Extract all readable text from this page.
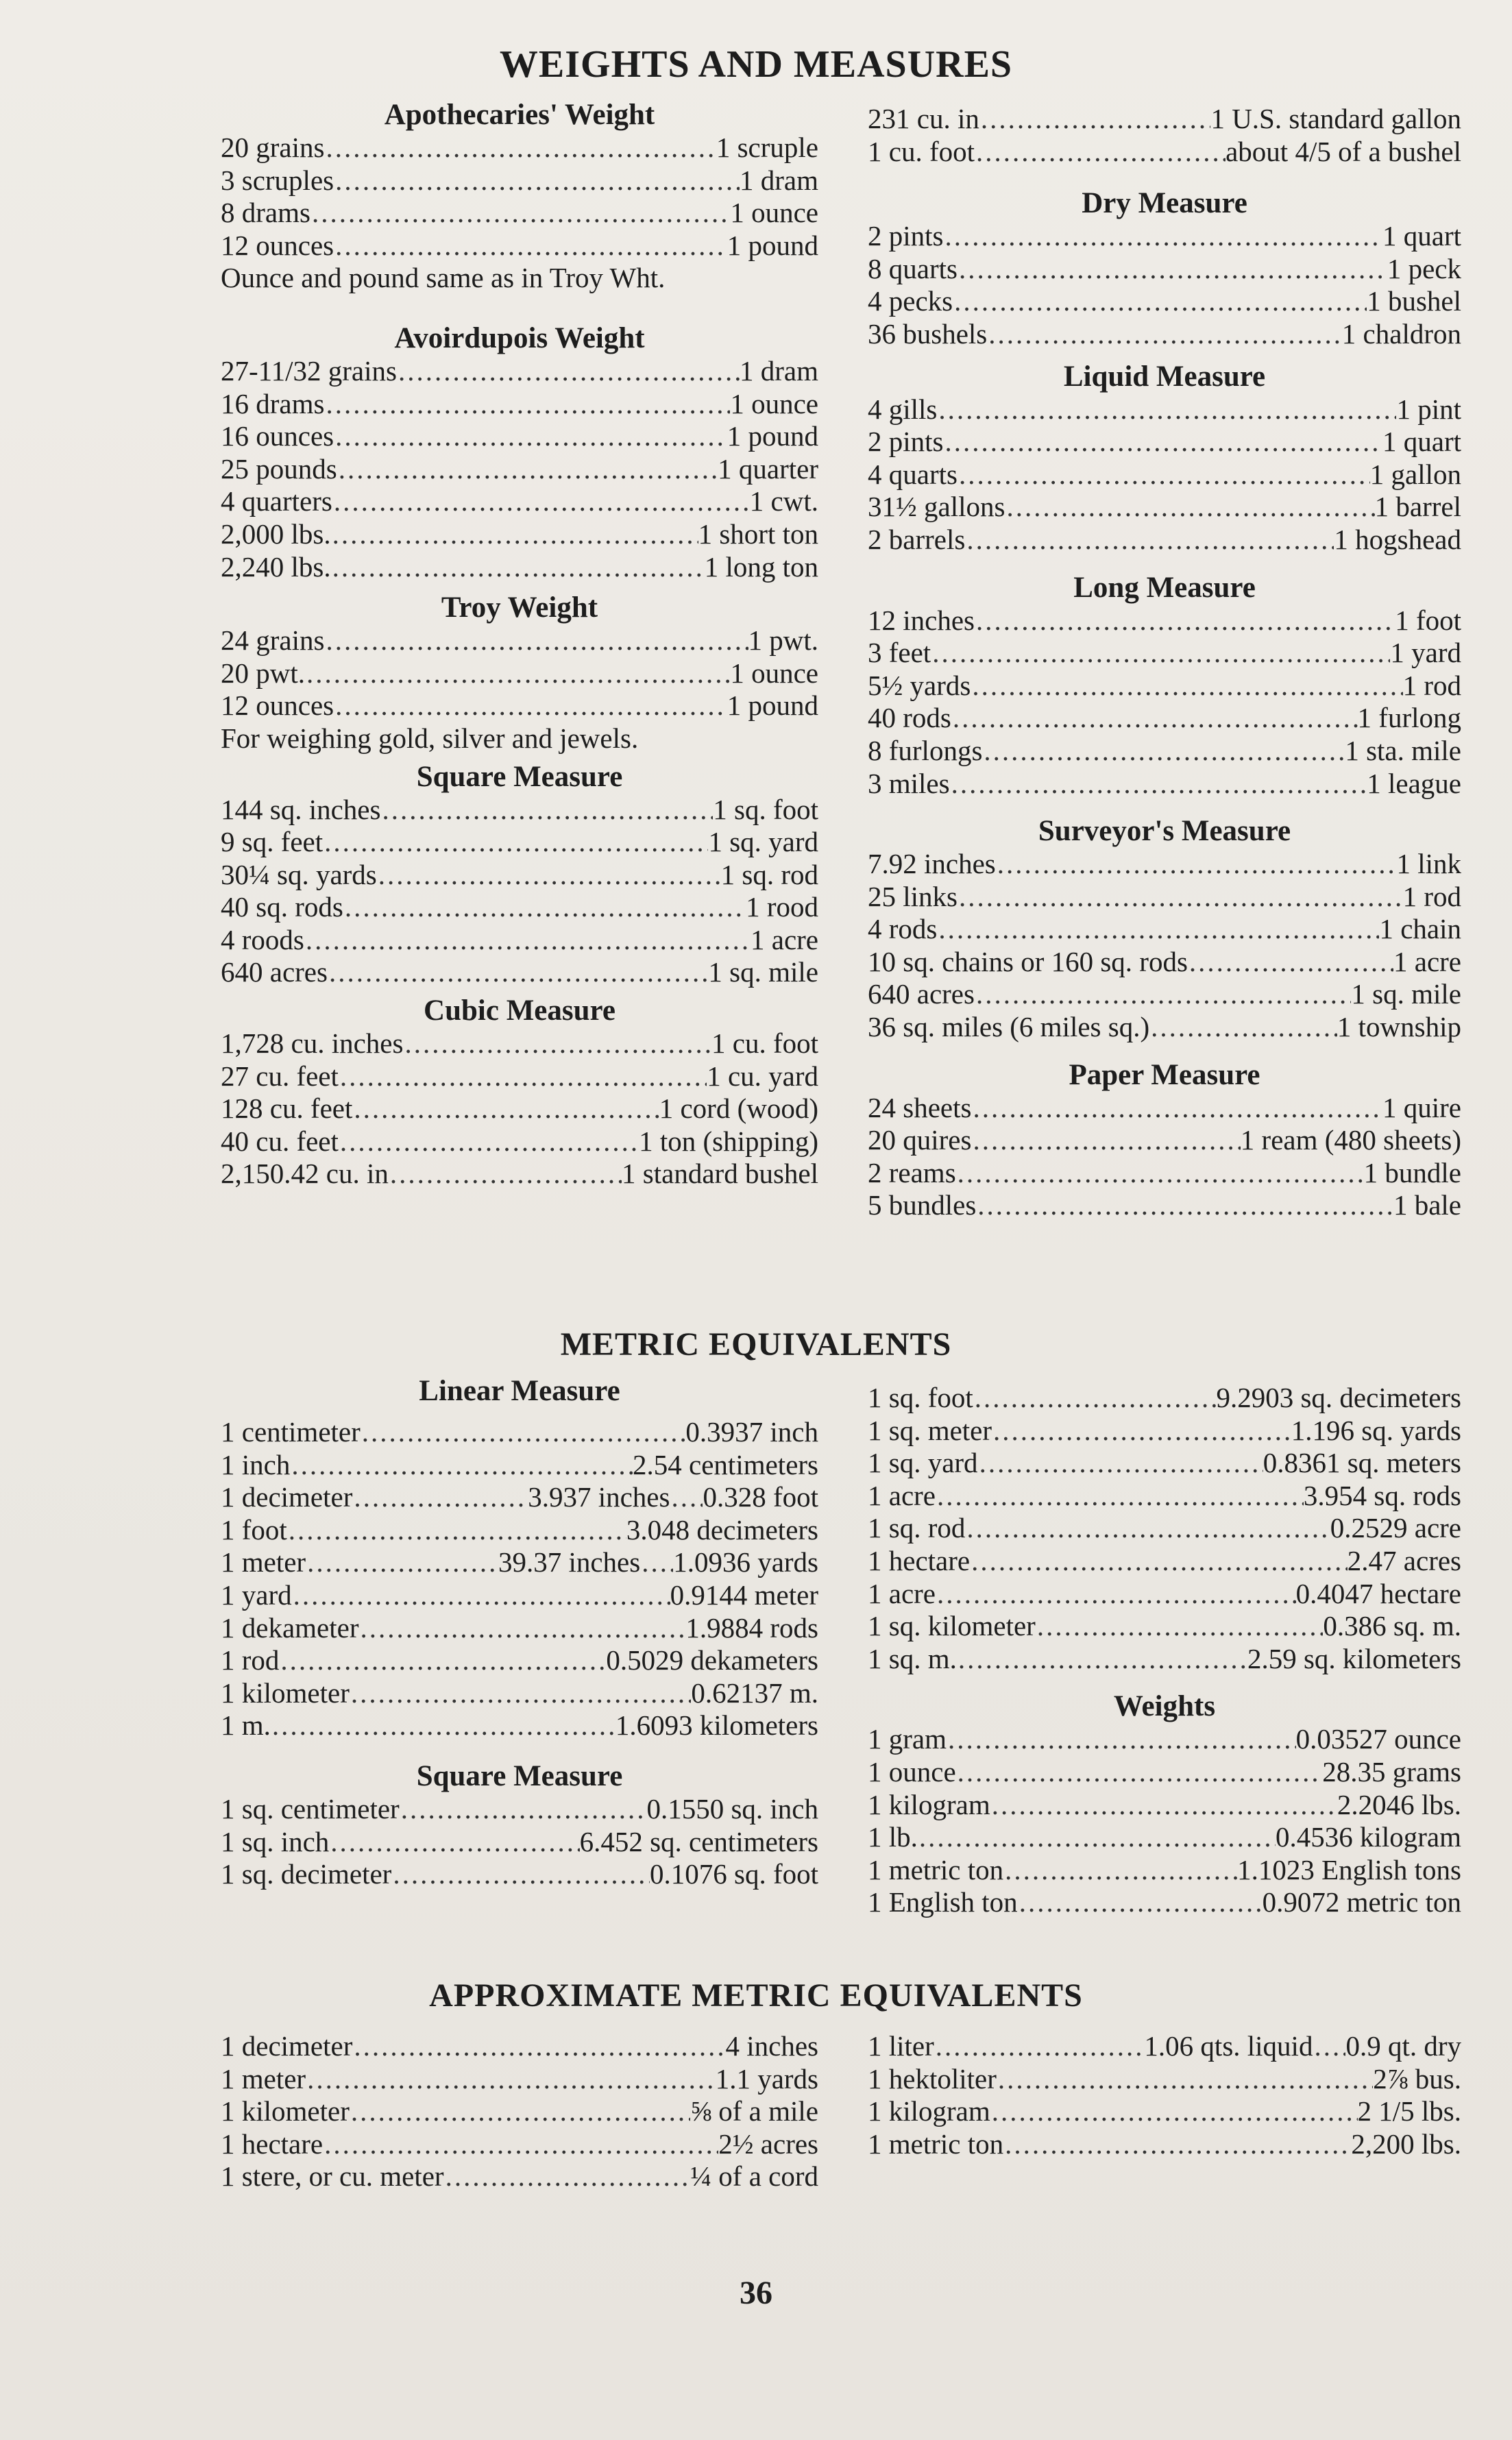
WEIGHTS AND MEASURES
Apothecaries' Weight
20 grains .....	1 scruple
3 scruples .....	1 dram
8 drams .....	1 ounce
12 ounces .....	1 pound
Ounce and pound same as in Troy Wht.
Avoirdupois Weight
27-11/32 grains .....	1 dram
16 drams .....	1 ounce
16 ounces .....	1 pound
25 pounds .....	1 quarter
4 quarters .....	1 cwt.
2,000 lbs. .....	1 short ton
2,240 lbs. .....	1 long ton
Troy Weight
24 grains .....	1 pwt.
20 pwt. .....	1 ounce
12 ounces .....	1 pound
For weighing gold, silver and jewels.
Square Measure
144 sq. inches .....	1 sq. foot
9 sq. feet .....	1 sq. yard
30¼ sq. yards .....	1 sq. rod
40 sq. rods .....	1 rood
4 roods .....	1 acre
640 acres .....	1 sq. mile
Cubic Measure
1,728 cu. inches .....	1 cu. foot
27 cu. feet .....	1 cu. yard
128 cu. feet .....	1 cord (wood)
40 cu. feet .....	1 ton (shipping)
2,150.42 cu. in .....	1 standard bushel
231 cu. in .....	1 U.S. standard gallon
1 cu. foot .....	about 4/5 of a bushel
Dry Measure
2 pints .....	1 quart
8 quarts .....	1 peck
4 pecks .....	1 bushel
36 bushels .....	1 chaldron
Liquid Measure
4 gills .....	1 pint
2 pints .....	1 quart
4 quarts .....	1 gallon
31½ gallons .....	1 barrel
2 barrels .....	1 hogshead
Long Measure
12 inches .....	1 foot
3 feet .....	1 yard
5½ yards .....	1 rod
40 rods .....	1 furlong
8 furlongs .....	1 sta. mile
3 miles .....	1 league
Surveyor's Measure
7.92 inches .....	1 link
25 links .....	1 rod
4 rods .....	1 chain
10 sq. chains or 160 sq. rods .....	1 acre
640 acres .....	1 sq. mile
36 sq. miles (6 miles sq.) .....	1 township
Paper Measure
24 sheets .....	1 quire
20 quires .....	1 ream (480 sheets)
2 reams .....	1 bundle
5 bundles .....	1 bale
METRIC EQUIVALENTS
Linear Measure
1 centimeter .....	0.3937 inch
1 inch .....	2.54 centimeters
1 decimeter .....	3.937 inches ..... 0.328 foot
1 foot .....	3.048 decimeters
1 meter .....	39.37 inches ..... 1.0936 yards
1 yard .....	0.9144 meter
1 dekameter .....	1.9884 rods
1 rod .....	0.5029 dekameters
1 kilometer .....	0.62137 m.
1 m. .....	1.6093 kilometers
Square Measure
1 sq. centimeter .....	0.1550 sq. inch
1 sq. inch .....	6.452 sq. centimeters
1 sq. decimeter .....	0.1076 sq. foot
1 sq. foot .....	9.2903 sq. decimeters
1 sq. meter .....	1.196 sq. yards
1 sq. yard .....	0.8361 sq. meters
1 acre .....	3.954 sq. rods
1 sq. rod .....	0.2529 acre
1 hectare .....	2.47 acres
1 acre .....	0.4047 hectare
1 sq. kilometer .....	0.386 sq. m.
1 sq. m. .....	2.59 sq. kilometers
Weights
1 gram .....	0.03527 ounce
1 ounce .....	28.35 grams
1 kilogram .....	2.2046 lbs.
1 lb. .....	0.4536 kilogram
1 metric ton .....	1.1023 English tons
1 English ton .....	0.9072 metric ton
APPROXIMATE METRIC EQUIVALENTS
1 decimeter .....	4 inches
1 meter .....	1.1 yards
1 kilometer .....	⅝ of a mile
1 hectare .....	2½ acres
1 stere, or cu. meter .....	¼ of a cord
1 liter .....	1.06 qts. liquid ..... 0.9 qt. dry
1 hektoliter .....	2⅞ bus.
1 kilogram .....	2 1/5 lbs.
1 metric ton .....	2,200 lbs.
36
